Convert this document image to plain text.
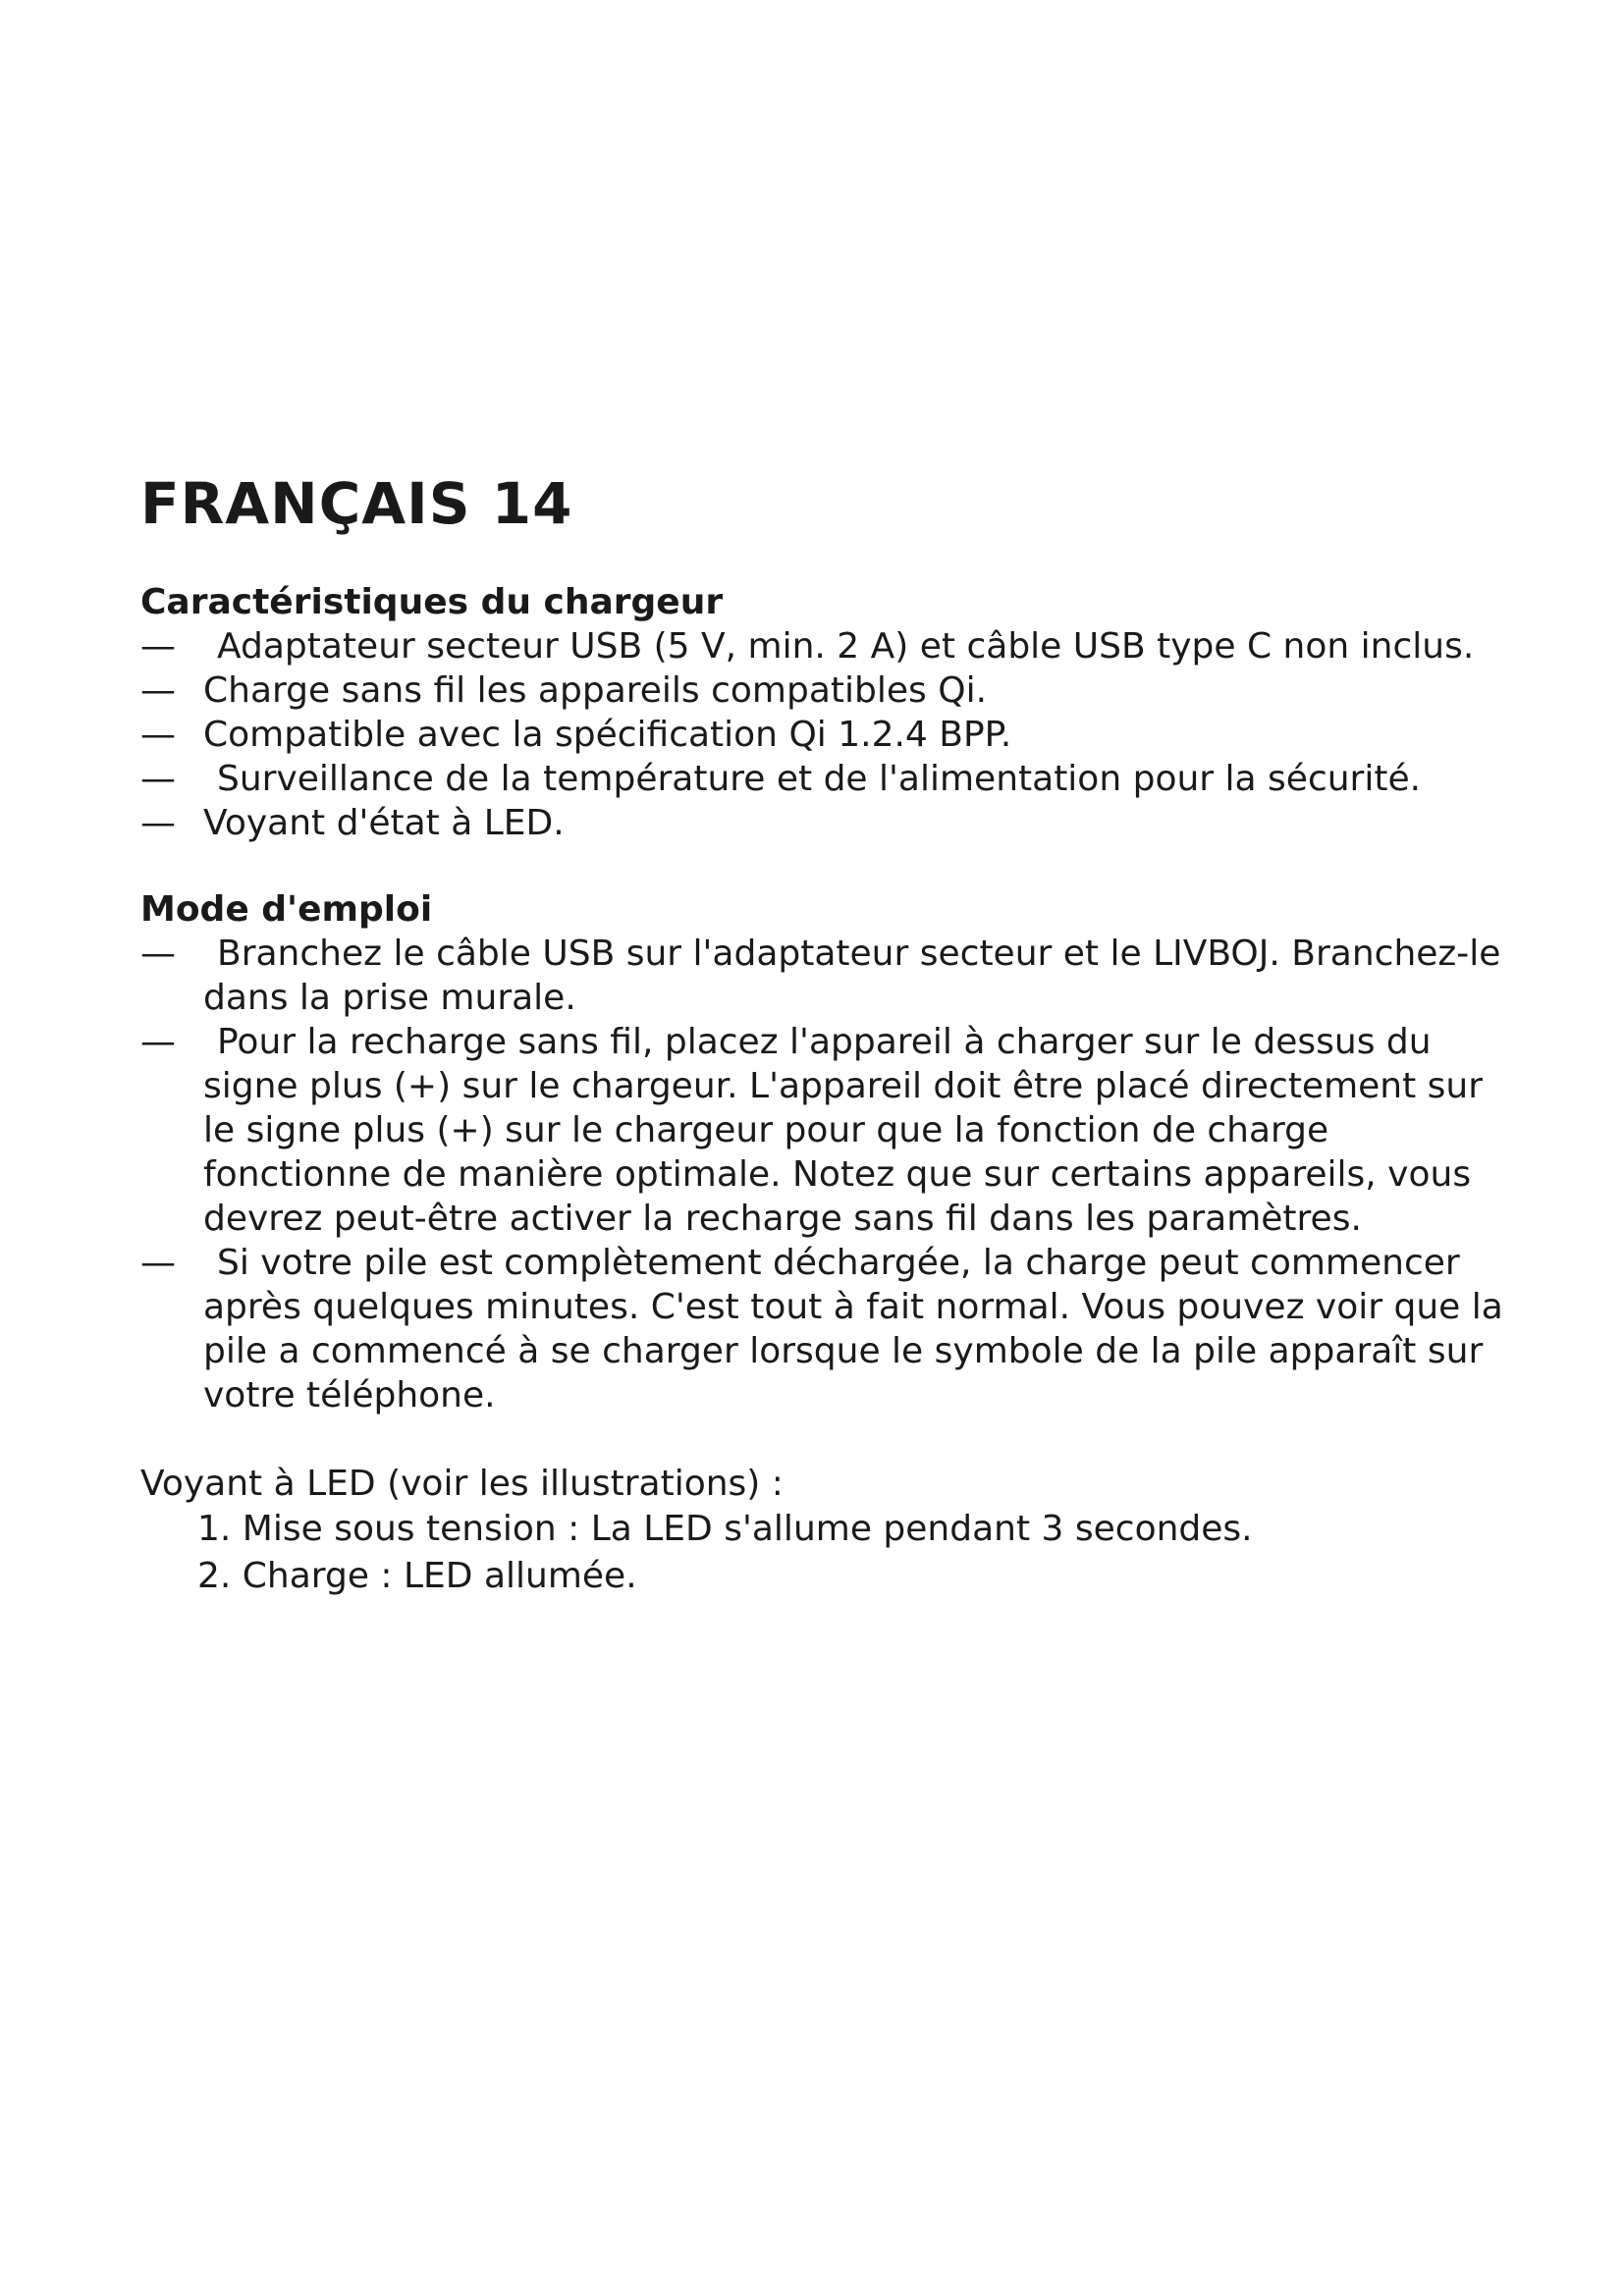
FRANÇAIS 14
Caractéristiques du chargeur
—	Adaptateur secteur USB (5 V, min. 2 A) et câble USB type C non inclus.
— Charge sans fil les appareils compatibles Qi.
— Compatible avec la spécification Qi 1.2.4 BPP.
—	Surveillance de la température et de l'alimentation pour la sécurité.
— Voyant d'état à LED.
Mode d'emploi
—	Branchez le câble USB sur l'adaptateur secteur et le LIVBOJ. Branchez-le dans la prise murale.
—	Pour la recharge sans fil, placez l'appareil à charger sur le dessus du signe plus (+) sur le chargeur. L'appareil doit être placé directement sur le signe plus (+) sur le chargeur pour que la fonction de charge fonctionne de manière optimale. Notez que sur certains appareils, vous devrez peut-être activer la recharge sans fil dans les paramètres.
—	Si votre pile est complètement déchargée, la charge peut commencer après quelques minutes. C'est tout à fait normal. Vous pouvez voir que la pile a commencé à se charger lorsque le symbole de la pile apparaît sur votre téléphone.

Voyant à LED (voir les illustrations) :

1. Mise sous tension : La LED s'allume pendant 3 secondes.
2. Charge : LED allumée.
